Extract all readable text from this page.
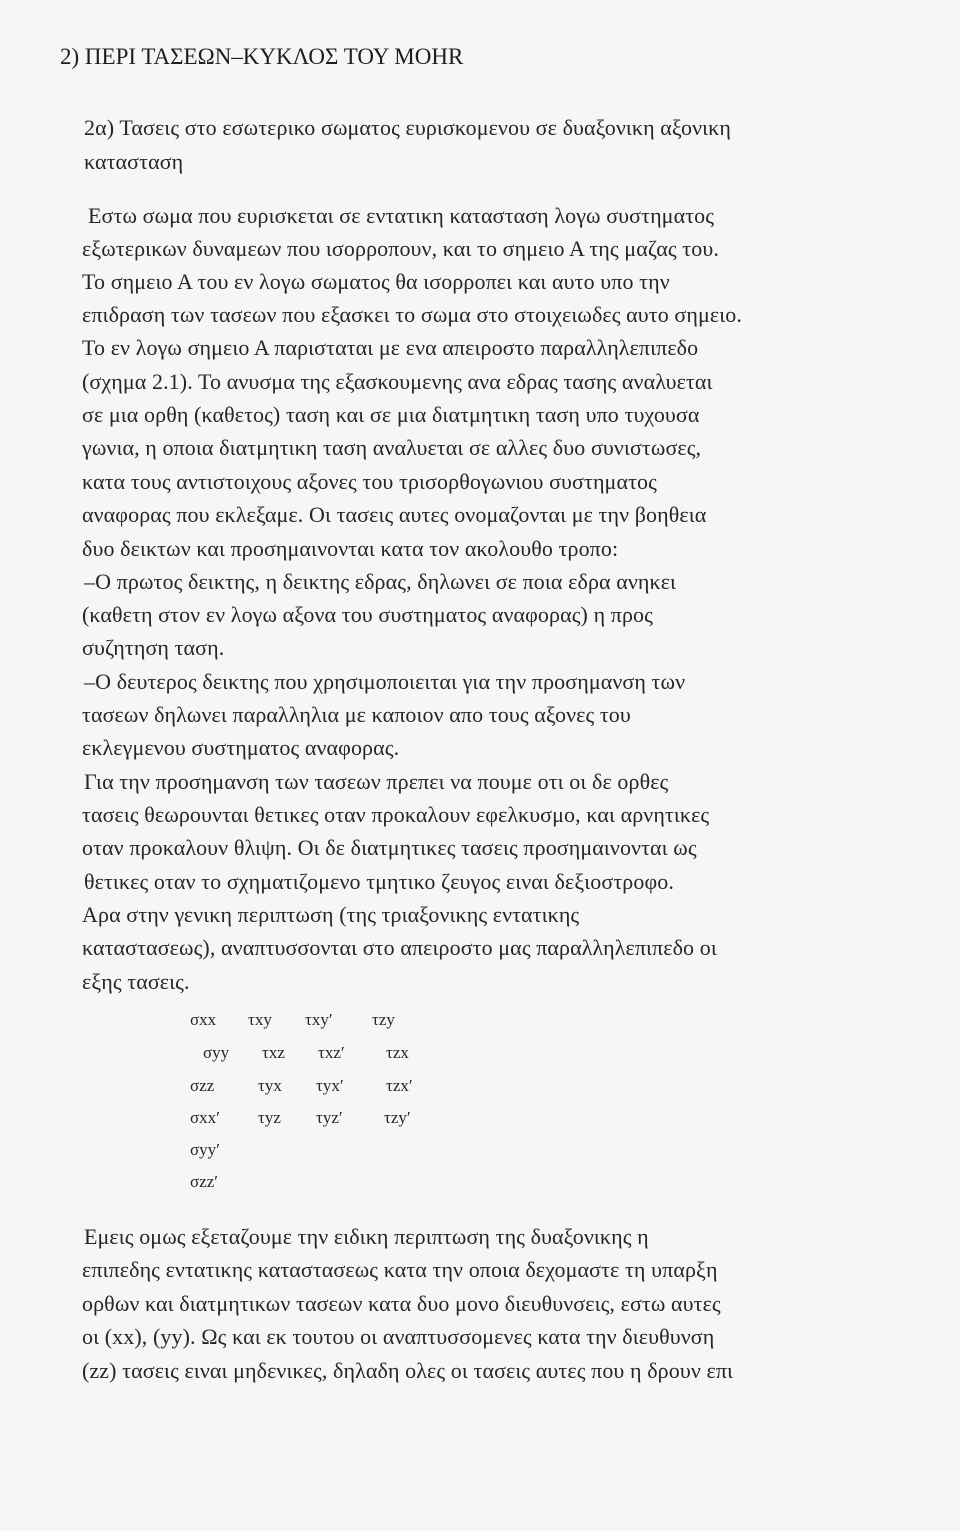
2) ΠΕΡΙ ΤΑΣΕΩΝ–ΚΥΚΛΟΣ ΤΟΥ MOHR
2α) Τασεις στο εσωτερικο σωματος ευρισκομενου σε δυαξονικη αξονικη
κατασταση
Εστω σωμα που ευρισκεται σε εντατικη κατασταση λογω συστηματος
εξωτερικων δυναμεων που ισορροπουν, και το σημειο Α της μαζας του.
Το σημειο Α του εν λογω σωματος θα ισορροπει και αυτο υπο την
επιδραση των τασεων που εξασκει το σωμα στο στοιχειωδες αυτο σημειο.
Το εν λογω σημειο Α παρισταται με ενα απειροστο παραλληλεπιπεδο
(σχημα 2.1). Το ανυσμα της εξασκουμενης ανα εδρας τασης αναλυεται
σε μια ορθη (καθετος) ταση και σε μια διατμητικη ταση υπο τυχουσα
γωνια, η οποια διατμητικη ταση αναλυεται σε αλλες δυο συνιστωσες,
κατα τους αντιστοιχους αξονες του τρισορθογωνιου συστηματος
αναφορας που εκλεξαμε. Οι τασεις αυτες ονομαζονται με την βοηθεια
δυο δεικτων και προσημαινονται κατα τον ακολουθο τροπο:
–Ο πρωτος δεικτης, η δεικτης εδρας, δηλωνει σε ποια εδρα ανηκει
(καθετη στον εν λογω αξονα του συστηματος αναφορας) η προς
συζητηση ταση.
–Ο δευτερος δεικτης που χρησιμοποιειται για την προσημανση των
τασεων δηλωνει παραλληλια με καποιον απο τους αξονες του
εκλεγμενου συστηματος αναφορας.
Για την προσημανση των τασεων πρεπει να πουμε οτι οι δε ορθες
τασεις θεωρουνται θετικες οταν προκαλουν εφελκυσμο, και αρνητικες
οταν προκαλουν θλιψη. Οι δε διατμητικες τασεις προσημαινονται ως
θετικες οταν το σχηματιζομενο τμητικο ζευγος ειναι δεξιοστροφο.
Αρα στην γενικη περιπτωση (της τριαξονικης εντατικης
καταστασεως), αναπτυσσονται στο απειροστο μας παραλληλεπιπεδο οι
εξης τασεις.
Εμεις ομως εξεταζουμε την ειδικη περιπτωση της δυαξονικης η
επιπεδης εντατικης καταστασεως κατα την οποια δεχομαστε τη υπαρξη
ορθων και διατμητικων τασεων κατα δυο μονο διευθυνσεις, εστω αυτες
οι (xx), (yy). Ως και εκ τουτου οι αναπτυσσομενες κατα την διευθυνση
(zz) τασεις ειναι μηδενικες, δηλαδη ολες οι τασεις αυτες που η δρουν επι
σxx τxy τxy′ τzy
σyy τxz τxz′ τzx
σzz	τyx τyx′ τzx′
σxx′ τyz τyz′ τzy′
σyy′
σzz′
